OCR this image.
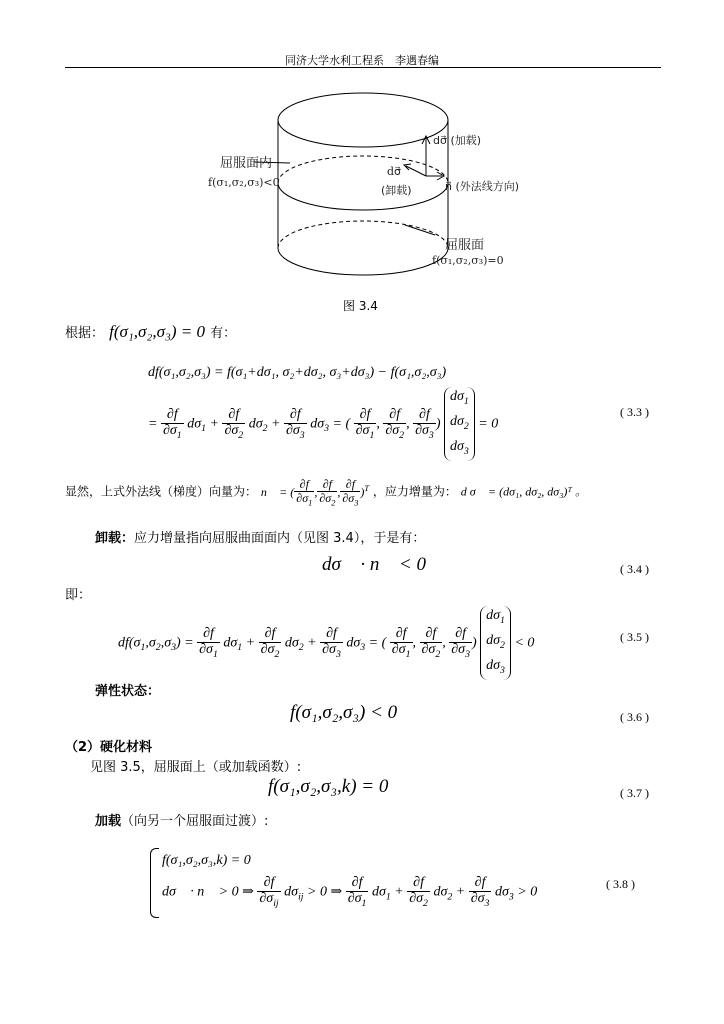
同济大学水利工程系　李遇春编
屈服面内
f(σ₁,σ₂,σ₃)<0
dσ⃗ (加载)
dσ⃗
(卸载)	n⃗ (外法线方向)
屈服面
f(σ₁,σ₂,σ₃)=0
图 3.4
根据： f(σ₁,σ₂,σ₃) = 0 有：
df(σ₁,σ₂,σ₃) = f(σ₁+dσ₁, σ₂+dσ₂, σ₃+dσ₃) − f(σ₁,σ₂,σ₃)
= $\frac{\partial f}{\partial\sigma_1} d\sigma_1 + \frac{\partial f}{\partial\sigma_2} d\sigma_2 + \frac{\partial f}{\partial\sigma_3} d\sigma_3$ = ( $\frac{\partial f}{\partial\sigma_1}$ , $\frac{\partial f}{\partial\sigma_2}$ , $\frac{\partial f}{\partial\sigma_3}$ ) $d\sigma_1$
$d\sigma_2$
$d\sigma_3 = 0$
( 3.3 )
显然，上式外法线（梯度）向量为： n⃗ = ( $\frac{\partial f}{\partial\sigma_1}$ , $\frac{\partial f}{\partial\sigma_2}$ , $\frac{\partial f}{\partial\sigma_3} )^T$ ，应力增量为： d σ⃗ = (dσ₁, dσ₂, dσ₃)ᵀ 。
卸载：应力增量指向屈服曲面面内（见图 3.4），于是有：
dσ⃗ · n⃗ < 0	( 3.4 )
即：
$df(\sigma_1,\sigma_2,\sigma_3) = \frac{\partial f}{\partial\sigma_1} d\sigma_1 + \frac{\partial f}{\partial\sigma_2} d\sigma_2 + \frac{\partial f}{\partial\sigma_3} d\sigma_3$ = ( $\frac{\partial f}{\partial\sigma_1}$ , $\frac{\partial f}{\partial\sigma_2}$ , $\frac{\partial f}{\partial\sigma_3}$ ) $d\sigma_1$
$d\sigma_2$
$d\sigma_3 < 0$	( 3.5 )
弹性状态：
f(σ₁,σ₂,σ₃) < 0	( 3.6 )
（2）硬化材料
见图 3.5，屈服面上（或加载函数）:
f(σ₁,σ₂,σ₃,k) = 0	( 3.7 )
加载（向另一个屈服面过渡）:
f(σ₁,σ₂,σ₃,k) = 0
dσ⃗ · n⃗ > 0 ⇒ $\frac{\partial f}{\partial\sigma_{ij}} d\sigma_{ij} > 0$ ⇒ $\frac{\partial f}{\partial\sigma_1} d\sigma_1 + \frac{\partial f}{\partial\sigma_2} d\sigma_2 + \frac{\partial f}{\partial\sigma_3} d\sigma_3 > 0$
( 3.8 )
